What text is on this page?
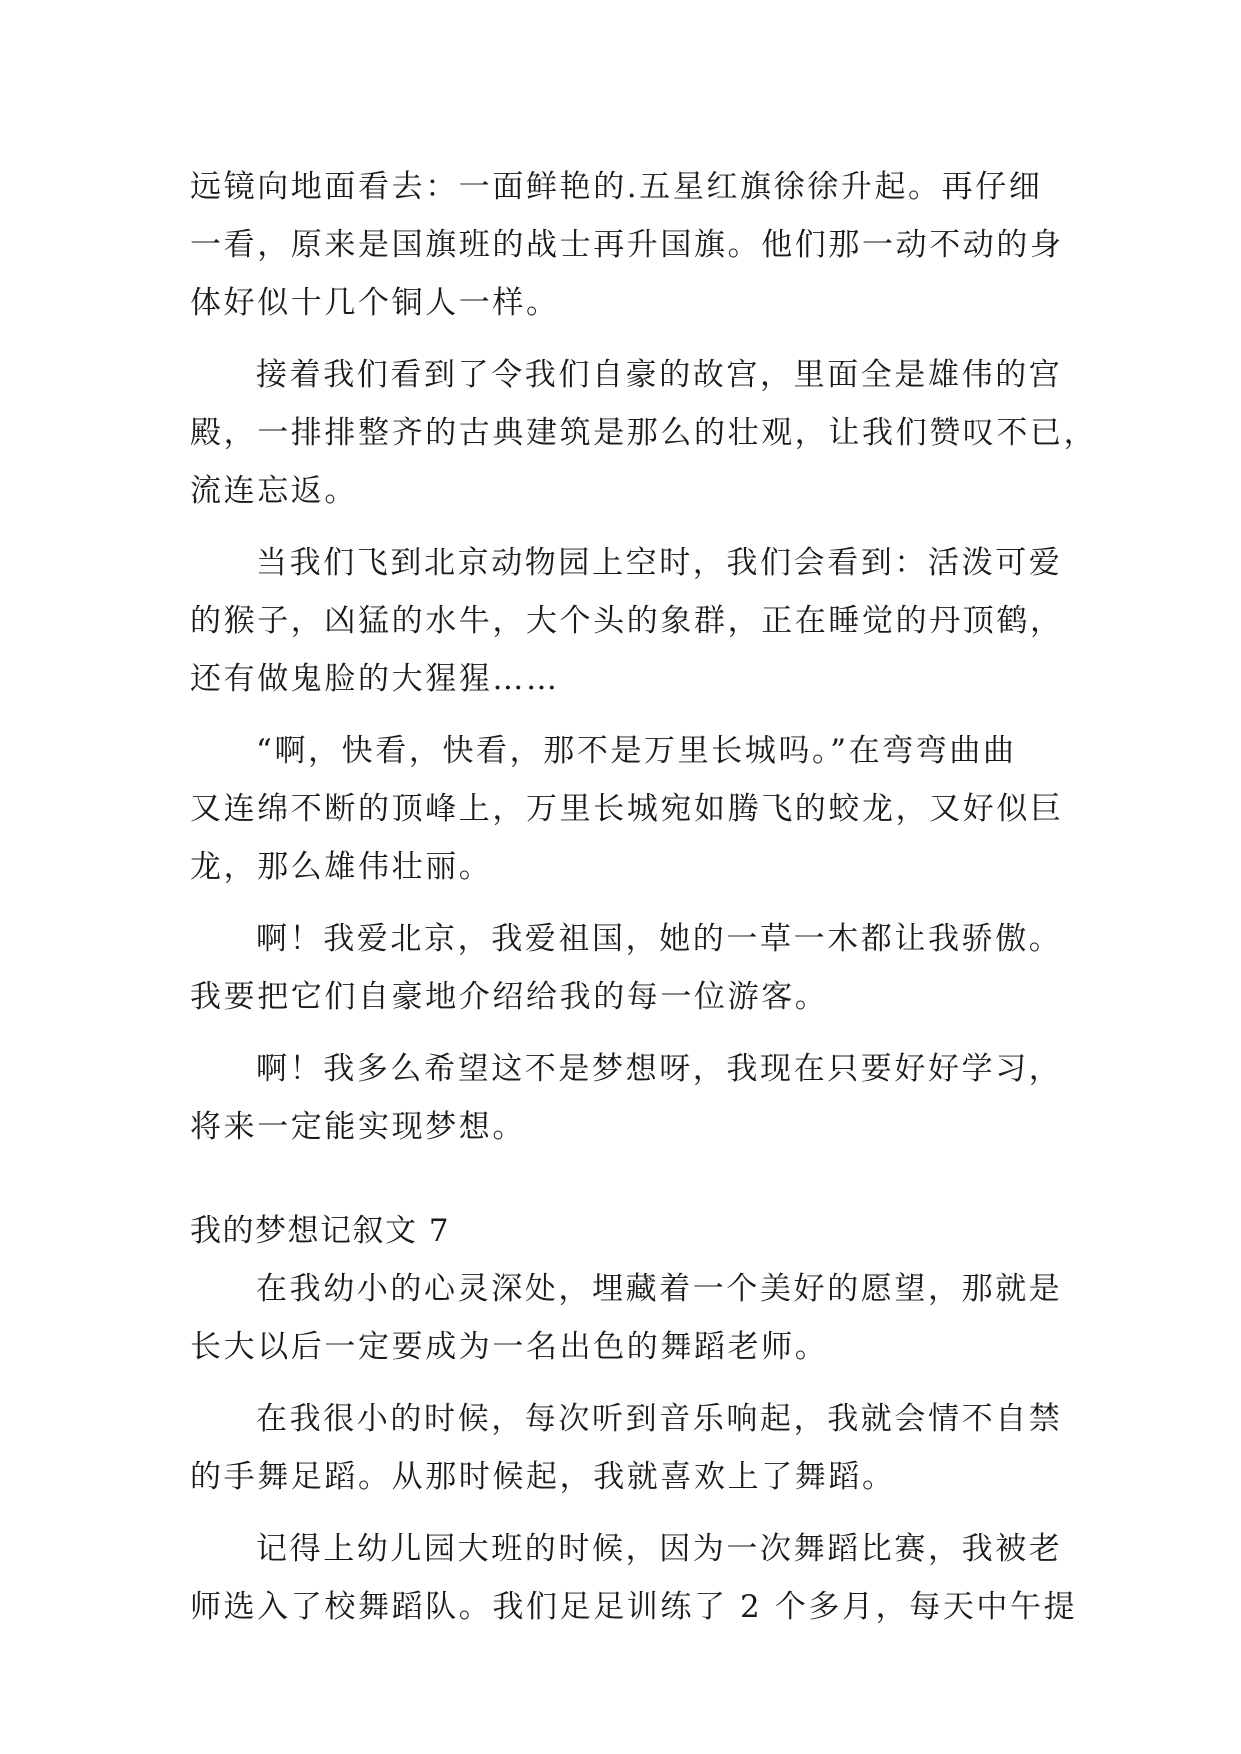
远镜向地面看去：一面鲜艳的.五星红旗徐徐升起。再仔细
一看，原来是国旗班的战士再升国旗。他们那一动不动的身
体好似十几个铜人一样。
接着我们看到了令我们自豪的故宫，里面全是雄伟的宫
殿，一排排整齐的古典建筑是那么的壮观，让我们赞叹不已，
流连忘返。
当我们飞到北京动物园上空时，我们会看到：活泼可爱
的猴子，凶猛的水牛，大个头的象群，正在睡觉的丹顶鹤，
还有做鬼脸的大猩猩……
“啊，快看，快看，那不是万里长城吗。”在弯弯曲曲
又连绵不断的顶峰上，万里长城宛如腾飞的蛟龙，又好似巨
龙，那么雄伟壮丽。
啊！我爱北京，我爱祖国，她的一草一木都让我骄傲。
我要把它们自豪地介绍给我的每一位游客。
啊！我多么希望这不是梦想呀，我现在只要好好学习，
将来一定能实现梦想。
我的梦想记叙文 7
在我幼小的心灵深处，埋藏着一个美好的愿望，那就是
长大以后一定要成为一名出色的舞蹈老师。
在我很小的时候，每次听到音乐响起，我就会情不自禁
的手舞足蹈。从那时候起，我就喜欢上了舞蹈。
记得上幼儿园大班的时候，因为一次舞蹈比赛，我被老
师选入了校舞蹈队。我们足足训练了 2 个多月，每天中午提
